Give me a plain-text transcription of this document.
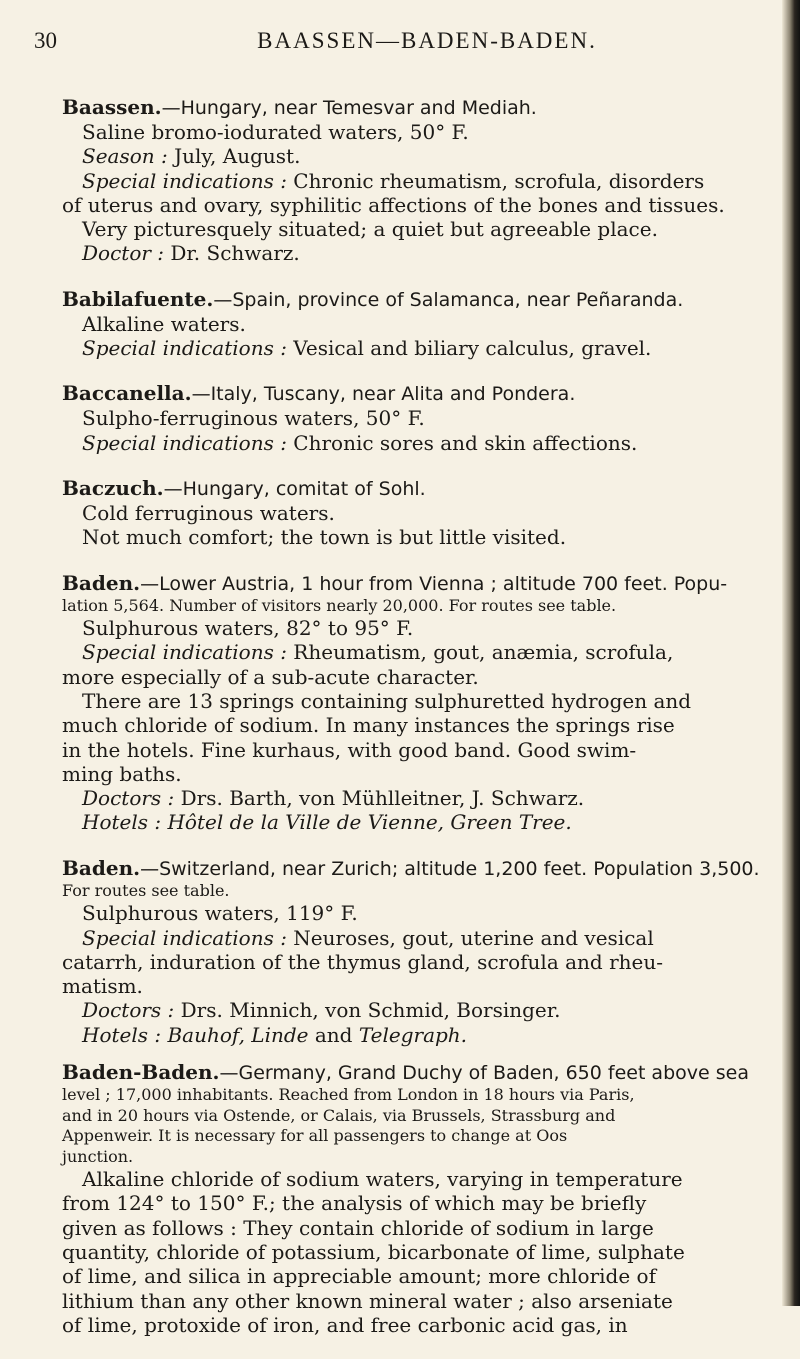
30	BAASSEN—BADEN-BADEN.
Baassen.—Hungary, near Temesvar and Mediah.

Saline bromo-iodurated waters, 50° F.

Season : July, August.

Special indications : Chronic rheumatism, scrofula, disorders

of uterus and ovary, syphilitic affections of the bones and tissues.

Very picturesquely situated; a quiet but agreeable place.

Doctor : Dr. Schwarz.

Babilafuente.—Spain, province of Salamanca, near Peñaranda.

Alkaline waters.

Special indications : Vesical and biliary calculus, gravel.

Baccanella.—Italy, Tuscany, near Alita and Pondera.

Sulpho-ferruginous waters, 50° F.

Special indications : Chronic sores and skin affections.

Baczuch.—Hungary, comitat of Sohl.

Cold ferruginous waters.

Not much comfort; the town is but little visited.

Baden.—Lower Austria, 1 hour from Vienna ; altitude 700 feet. Popu-
lation 5,564. Number of visitors nearly 20,000. For routes see table.

Sulphurous waters, 82° to 95° F.

Special indications : Rheumatism, gout, anæmia, scrofula,

more especially of a sub-acute character.

There are 13 springs containing sulphuretted hydrogen and

much chloride of sodium. In many instances the springs rise

in the hotels. Fine kurhaus, with good band. Good swim-

ming baths.

Doctors : Drs. Barth, von Mühlleitner, J. Schwarz.

Hotels : Hôtel de la Ville de Vienne, Green Tree.

Baden.—Switzerland, near Zurich; altitude 1,200 feet. Population 3,500.
For routes see table.

Sulphurous waters, 119° F.

Special indications : Neuroses, gout, uterine and vesical

catarrh, induration of the thymus gland, scrofula and rheu-

matism.

Doctors : Drs. Minnich, von Schmid, Borsinger.

Hotels : Bauhof, Linde and Telegraph.

Baden-Baden.—Germany, Grand Duchy of Baden, 650 feet above sea
level ; 17,000 inhabitants. Reached from London in 18 hours via Paris,
and in 20 hours via Ostende, or Calais, via Brussels, Strassburg and
Appenweir. It is necessary for all passengers to change at Oos
junction.

Alkaline chloride of sodium waters, varying in temperature

from 124° to 150° F.; the analysis of which may be briefly

given as follows : They contain chloride of sodium in large

quantity, chloride of potassium, bicarbonate of lime, sulphate

of lime, and silica in appreciable amount; more chloride of

lithium than any other known mineral water ; also arseniate

of lime, protoxide of iron, and free carbonic acid gas, in
